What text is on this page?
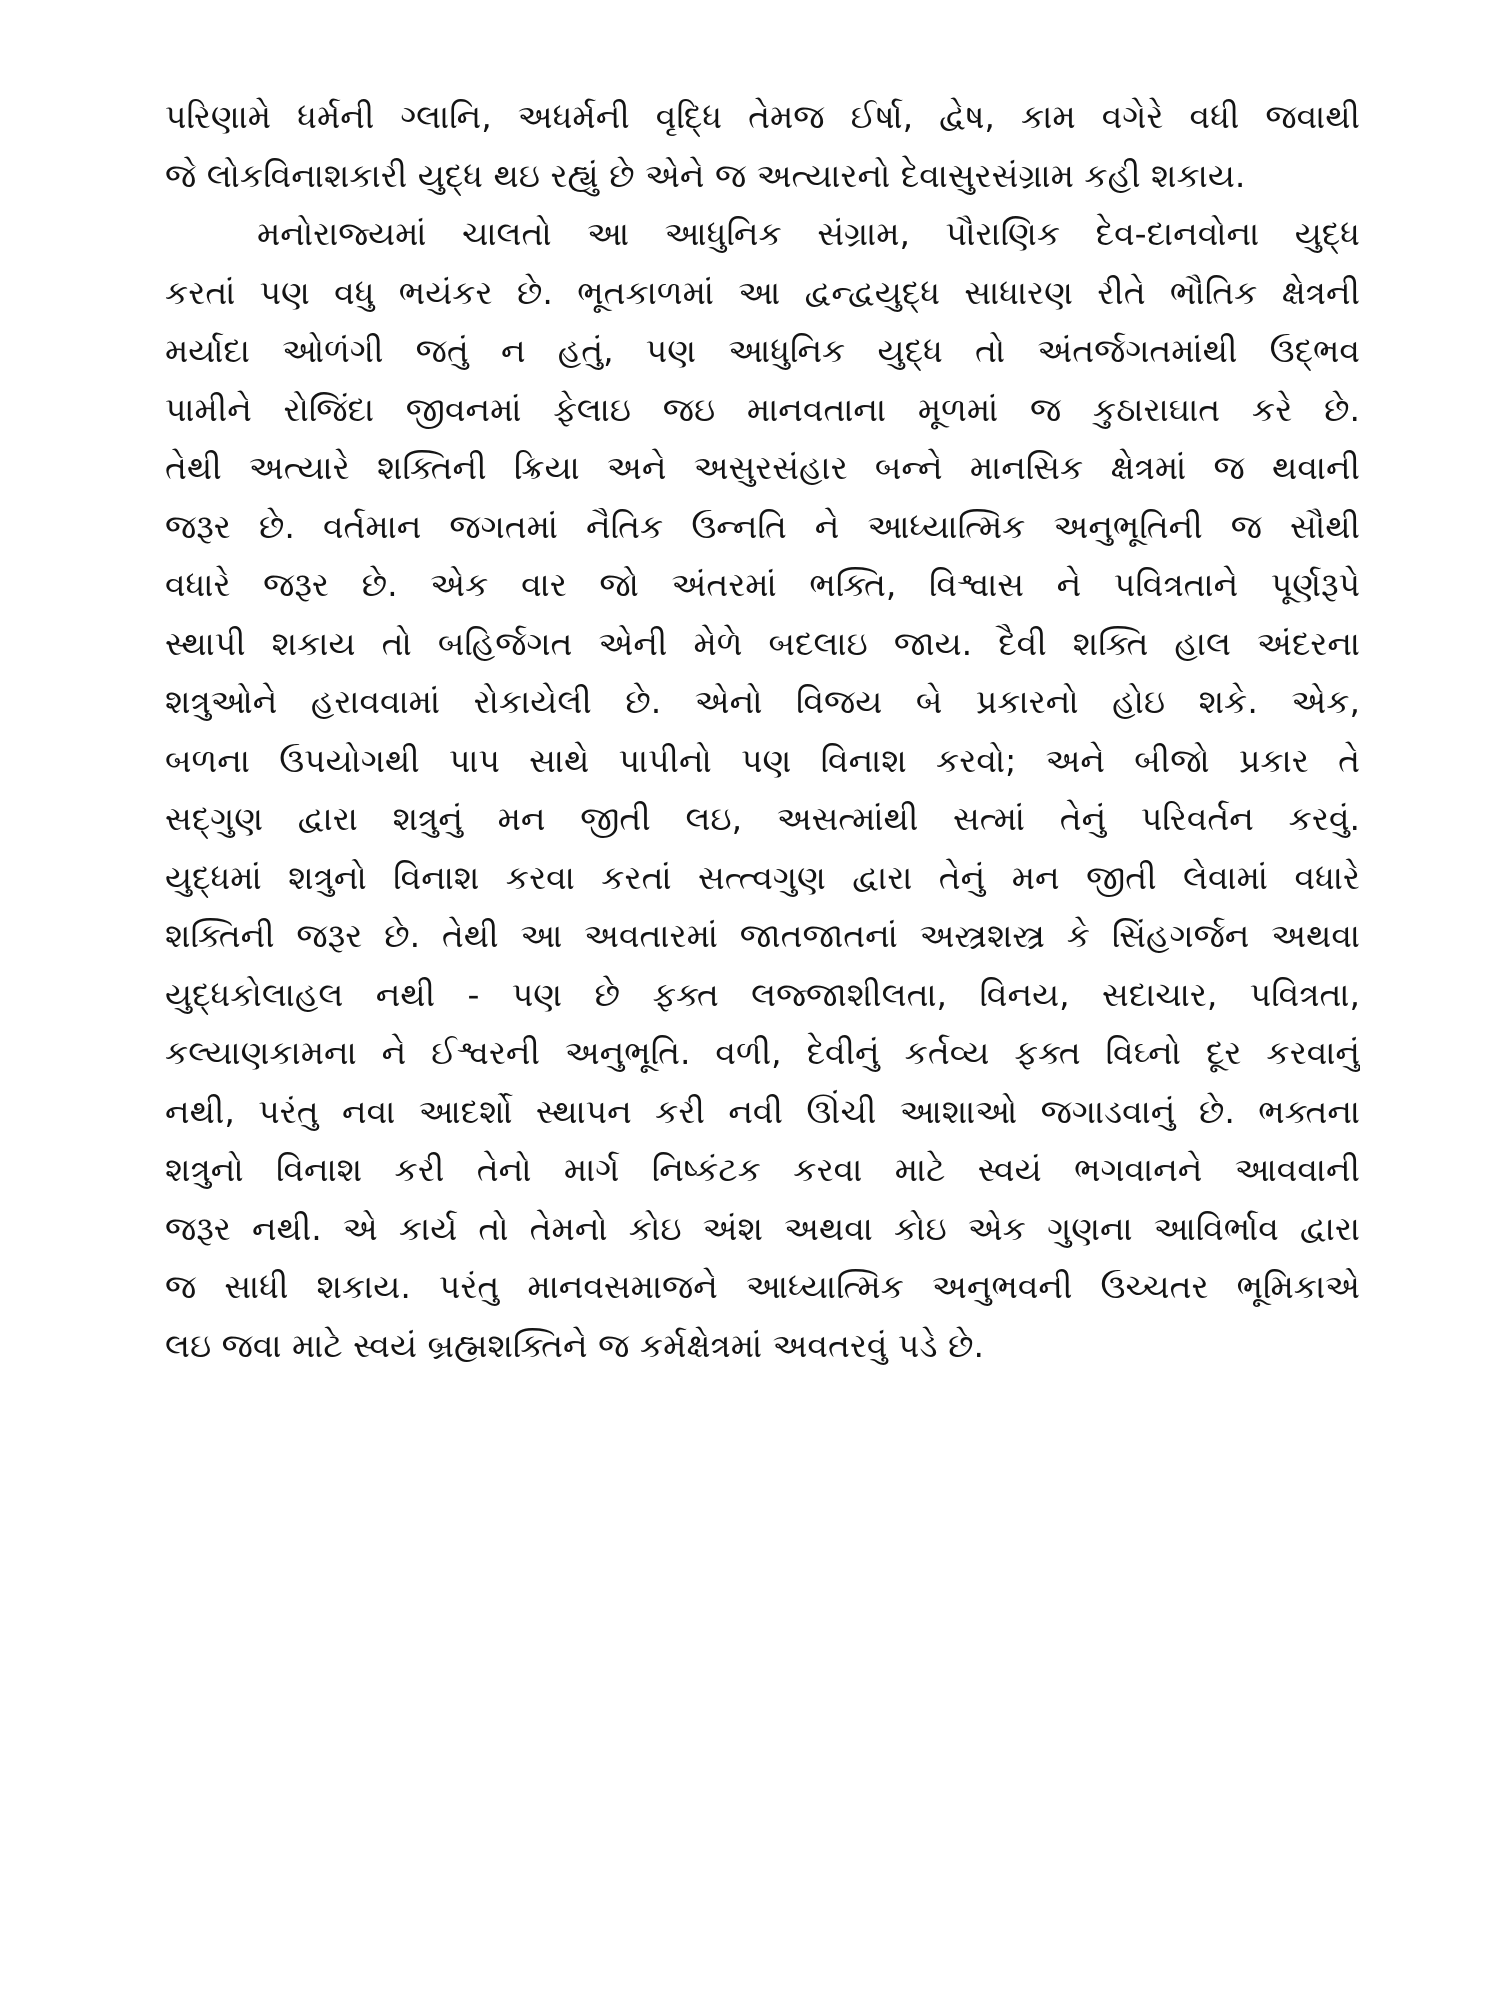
પરિણામે ધર્મની ગ્લાનિ, અધર્મની વૃદ્ધિ તેમજ ઈર્ષા, દ્વેષ, કામ વગેરે વધી જવાથી
જે લોકવિનાશકારી યુદ્ધ થઇ રહ્યું છે એને જ અત્યારનો દેવાસુરસંગ્રામ કહી શકાય.
મનોરાજ્યમાં ચાલતો આ આધુનિક સંગ્રામ, પૌરાણિક દેવ-દાનવોના યુદ્ધ
કરતાં પણ વધુ ભયંકર છે. ભૂતકાળમાં આ દ્વન્દ્વયુદ્ધ સાધારણ રીતે ભૌતિક ક્ષેત્રની
મર્યાદા ઓળંગી જતું ન હતું, પણ આધુનિક યુદ્ધ તો અંતર્જગતમાંથી ઉદ્ભવ
પામીને રોજિંદા જીવનમાં ફેલાઇ જઇ માનવતાના મૂળમાં જ કુઠારાઘાત કરે છે.
તેથી અત્યારે શક્તિની ક્રિયા અને અસુરસંહાર બન્ને માનસિક ક્ષેત્રમાં જ થવાની
જરૂર છે. વર્તમાન જગતમાં નૈતિક ઉન્નતિ ને આધ્યાત્મિક અનુભૂતિની જ સૌથી
વધારે જરૂર છે. એક વાર જો અંતરમાં ભક્તિ, વિશ્વાસ ને પવિત્રતાને પૂર્ણરૂપે
સ્થાપી શકાય તો બહિર્જગત એની મેળે બદલાઇ જાય. દૈવી શક્તિ હાલ અંદરના
શત્રુઓને હરાવવામાં રોકાયેલી છે. એનો વિજય બે પ્રકારનો હોઇ શકે. એક,
બળના ઉપયોગથી પાપ સાથે પાપીનો પણ વિનાશ કરવો; અને બીજો પ્રકાર તે
સદ્ગુણ દ્વારા શત્રુનું મન જીતી લઇ, અસત્માંથી સત્માં તેનું પરિવર્તન કરવું.
યુદ્ધમાં શત્રુનો વિનાશ કરવા કરતાં સત્ત્વગુણ દ્વારા તેનું મન જીતી લેવામાં વધારે
શક્તિની જરૂર છે. તેથી આ અવતારમાં જાતજાતનાં અસ્ત્રશસ્ત્ર કે સિંહગર્જન અથવા
યુદ્ધકોલાહલ નથી - પણ છે ફક્ત લજ્જાશીલતા, વિનય, સદાચાર, પવિત્રતા,
કલ્યાણકામના ને ઈશ્વરની અનુભૂતિ. વળી, દેવીનું કર્તવ્ય ફક્ત વિઘ્નો દૂર કરવાનું
નથી, પરંતુ નવા આદર્શો સ્થાપન કરી નવી ઊંચી આશાઓ જગાડવાનું છે. ભક્તના
શત્રુનો વિનાશ કરી તેનો માર્ગ નિષ્કંટક કરવા માટે સ્વયં ભગવાનને આવવાની
જરૂર નથી. એ કાર્ય તો તેમનો કોઇ અંશ અથવા કોઇ એક ગુણના આવિર્ભાવ દ્વારા
જ સાધી શકાય. પરંતુ માનવસમાજને આધ્યાત્મિક અનુભવની ઉચ્ચતર ભૂમિકાએ
લઇ જવા માટે સ્વયં બ્રહ્મશક્તિને જ કર્મક્ષેત્રમાં અવતરવું પડે છે.
